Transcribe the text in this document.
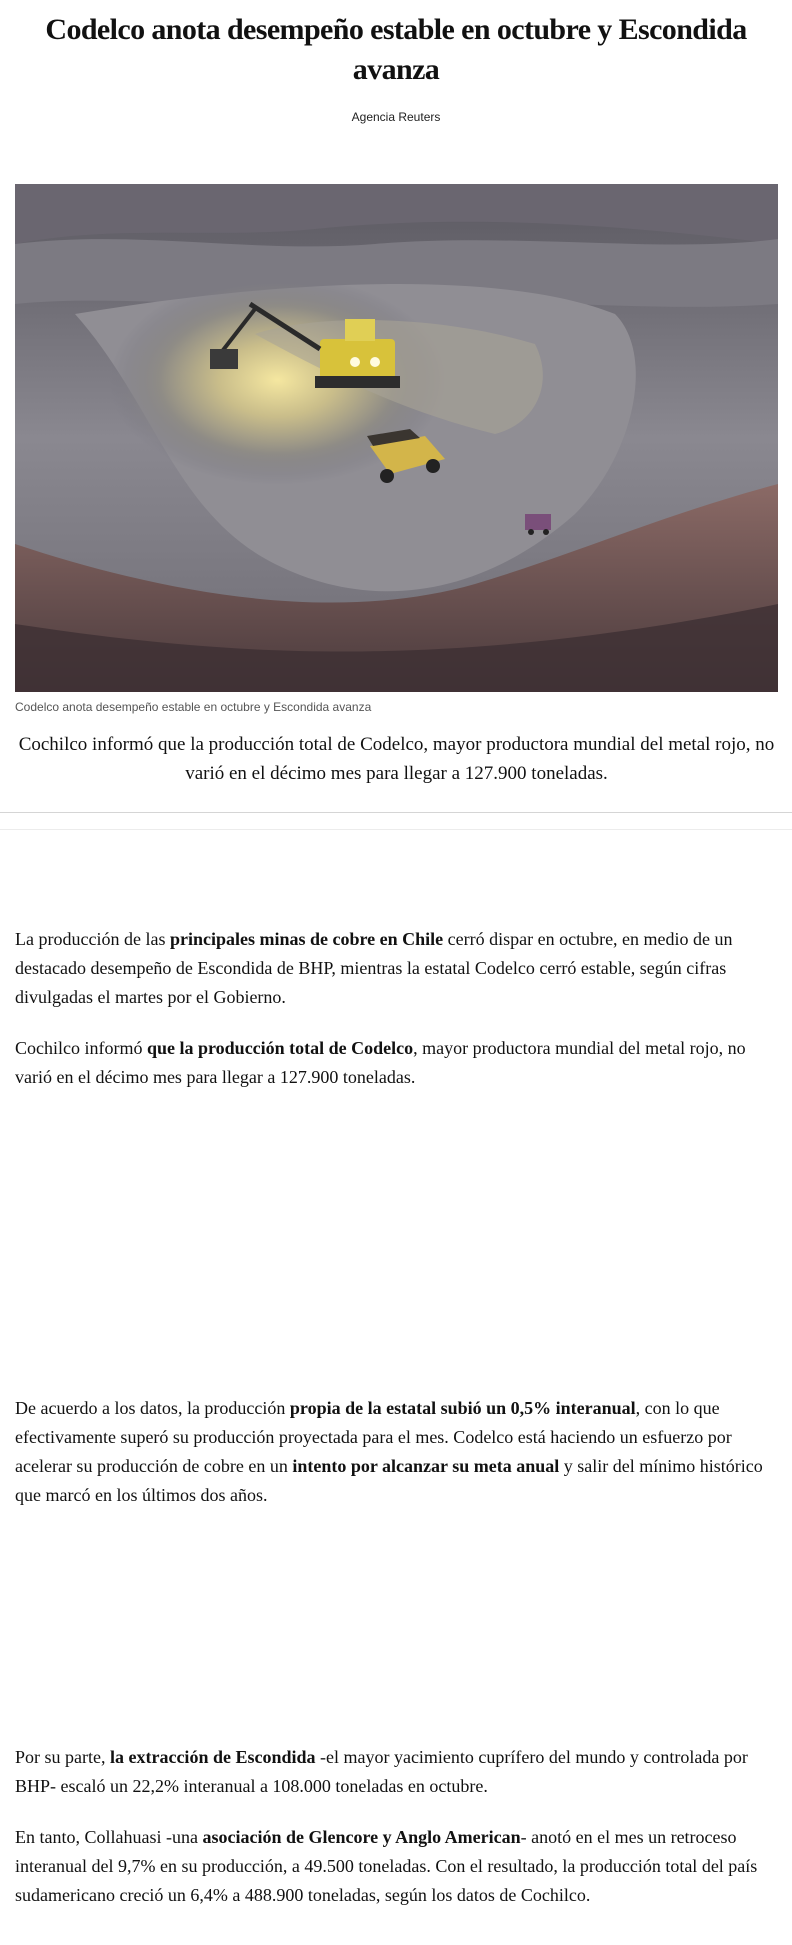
Codelco anota desempeño estable en octubre y Escondida avanza
Agencia Reuters
Codelco anota desempeño estable en octubre y Escondida avanza
Cochilco informó que la producción total de Codelco, mayor productora mundial del metal rojo, no varió en el décimo mes para llegar a 127.900 toneladas.

La producción de las principales minas de cobre en Chile cerró dispar en octubre, en medio de un destacado desempeño de Escondida de BHP, mientras la estatal Codelco cerró estable, según cifras divulgadas el martes por el Gobierno.

Cochilco informó que la producción total de Codelco, mayor productora mundial del metal rojo, no varió en el décimo mes para llegar a 127.900 toneladas.

De acuerdo a los datos, la producción propia de la estatal subió un 0,5% interanual, con lo que efectivamente superó su producción proyectada para el mes. Codelco está haciendo un esfuerzo por acelerar su producción de cobre en un intento por alcanzar su meta anual y salir del mínimo histórico que marcó en los últimos dos años.

Por su parte, la extracción de Escondida -el mayor yacimiento cuprífero del mundo y controlada por BHP- escaló un 22,2% interanual a 108.000 toneladas en octubre.

En tanto, Collahuasi -una asociación de Glencore y Anglo American- anotó en el mes un retroceso interanual del 9,7% en su producción, a 49.500 toneladas. Con el resultado, la producción total del país sudamericano creció un 6,4% a 488.900 toneladas, según los datos de Cochilco.
